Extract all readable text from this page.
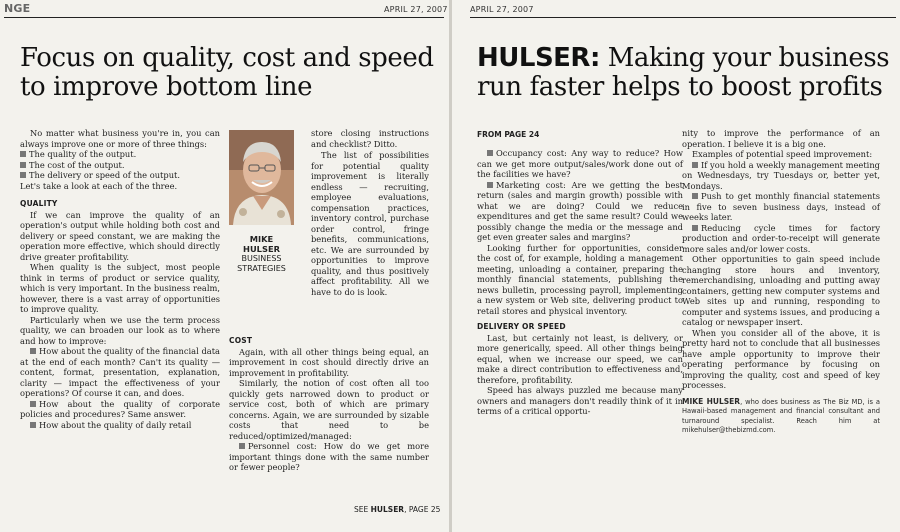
NGE	APRIL 27, 2007
Focus on quality, cost and speed to improve bottom line

No matter what business you're in, you can always improve one or more of three things:

The quality of the output.

The cost of the output.

The delivery or speed of the output.

Let's take a look at each of the three.

QUALITY

If we can improve the quality of an operation's output while holding both cost and delivery or speed constant, we are making the operation more effective, which should directly drive greater profitability.

When quality is the subject, most people think in terms of product or service quality, which is very important. In the business realm, however, there is a vast array of opportunities to improve quality.

Particularly when we use the term process quality, we can broaden our look as to where and how to improve:

How about the quality of the financial data at the end of each month? Can't its quality — content, format, presentation, explanation, clarity — impact the effectiveness of your operations? Of course it can, and does.

How about the quality of corporate policies and procedures? Same answer.

How about the quality of daily retail

MIKE
HULSER
BUSINESS
STRATEGIES

store closing instructions and checklist? Ditto.

The list of possibilities for potential quality improvement is literally endless — recruiting, employee evaluations, compensation practices, inventory control, purchase order control, fringe benefits, communications, etc. We are surrounded by opportunities to improve quality, and thus positively affect profitability. All we have to do is look.

COST

Again, with all other things being equal, an improvement in cost should directly drive an improvement in profitability.

Similarly, the notion of cost often all too quickly gets narrowed down to product or service cost, both of which are primary concerns. Again, we are surrounded by sizable costs that need to be reduced/optimized/managed:

Personnel cost: How do we get more important things done with the same number or fewer people?

SEE HULSER, PAGE 25
APRIL 27, 2007
HULSER: Making your business run faster helps to boost profits
FROM PAGE 24

Occupancy cost: Any way to reduce? How can we get more output/sales/work done out of the facilities we have?

Marketing cost: Are we getting the best return (sales and margin growth) possible with what we are doing? Could we reduce expenditures and get the same result? Could we possibly change the media or the message and get even greater sales and margins?

Looking further for opportunities, consider the cost of, for example, holding a management meeting, unloading a container, preparing the monthly financial statements, publishing the news bulletin, processing payroll, implementing a new system or Web site, delivering product to retail stores and physical inventory.

DELIVERY OR SPEED

Last, but certainly not least, is delivery, or more generically, speed. All other things being equal, when we increase our speed, we can make a direct contribution to effectiveness and, therefore, profitability.

Speed has always puzzled me because many owners and managers don't readily think of it in terms of a critical opportu-

nity to improve the performance of an operation. I believe it is a big one.

Examples of potential speed improvement:

If you hold a weekly management meeting on Wednesdays, try Tuesdays or, better yet, Mondays.

Push to get monthly financial statements in five to seven business days, instead of weeks later.

Reducing cycle times for factory production and order-to-receipt will generate more sales and/or lower costs.

Other opportunities to gain speed include changing store hours and inventory, remerchandising, unloading and putting away containers, getting new computer systems and Web sites up and running, responding to computer and systems issues, and producing a catalog or newspaper insert.

When you consider all of the above, it is pretty hard not to conclude that all businesses have ample opportunity to improve their operating performance by focusing on improving the quality, cost and speed of key processes.

MIKE HULSER, who does business as The Biz MD, is a Hawaii-based management and financial consultant and turnaround specialist. Reach him at mikehulser@thebizmd.com.
